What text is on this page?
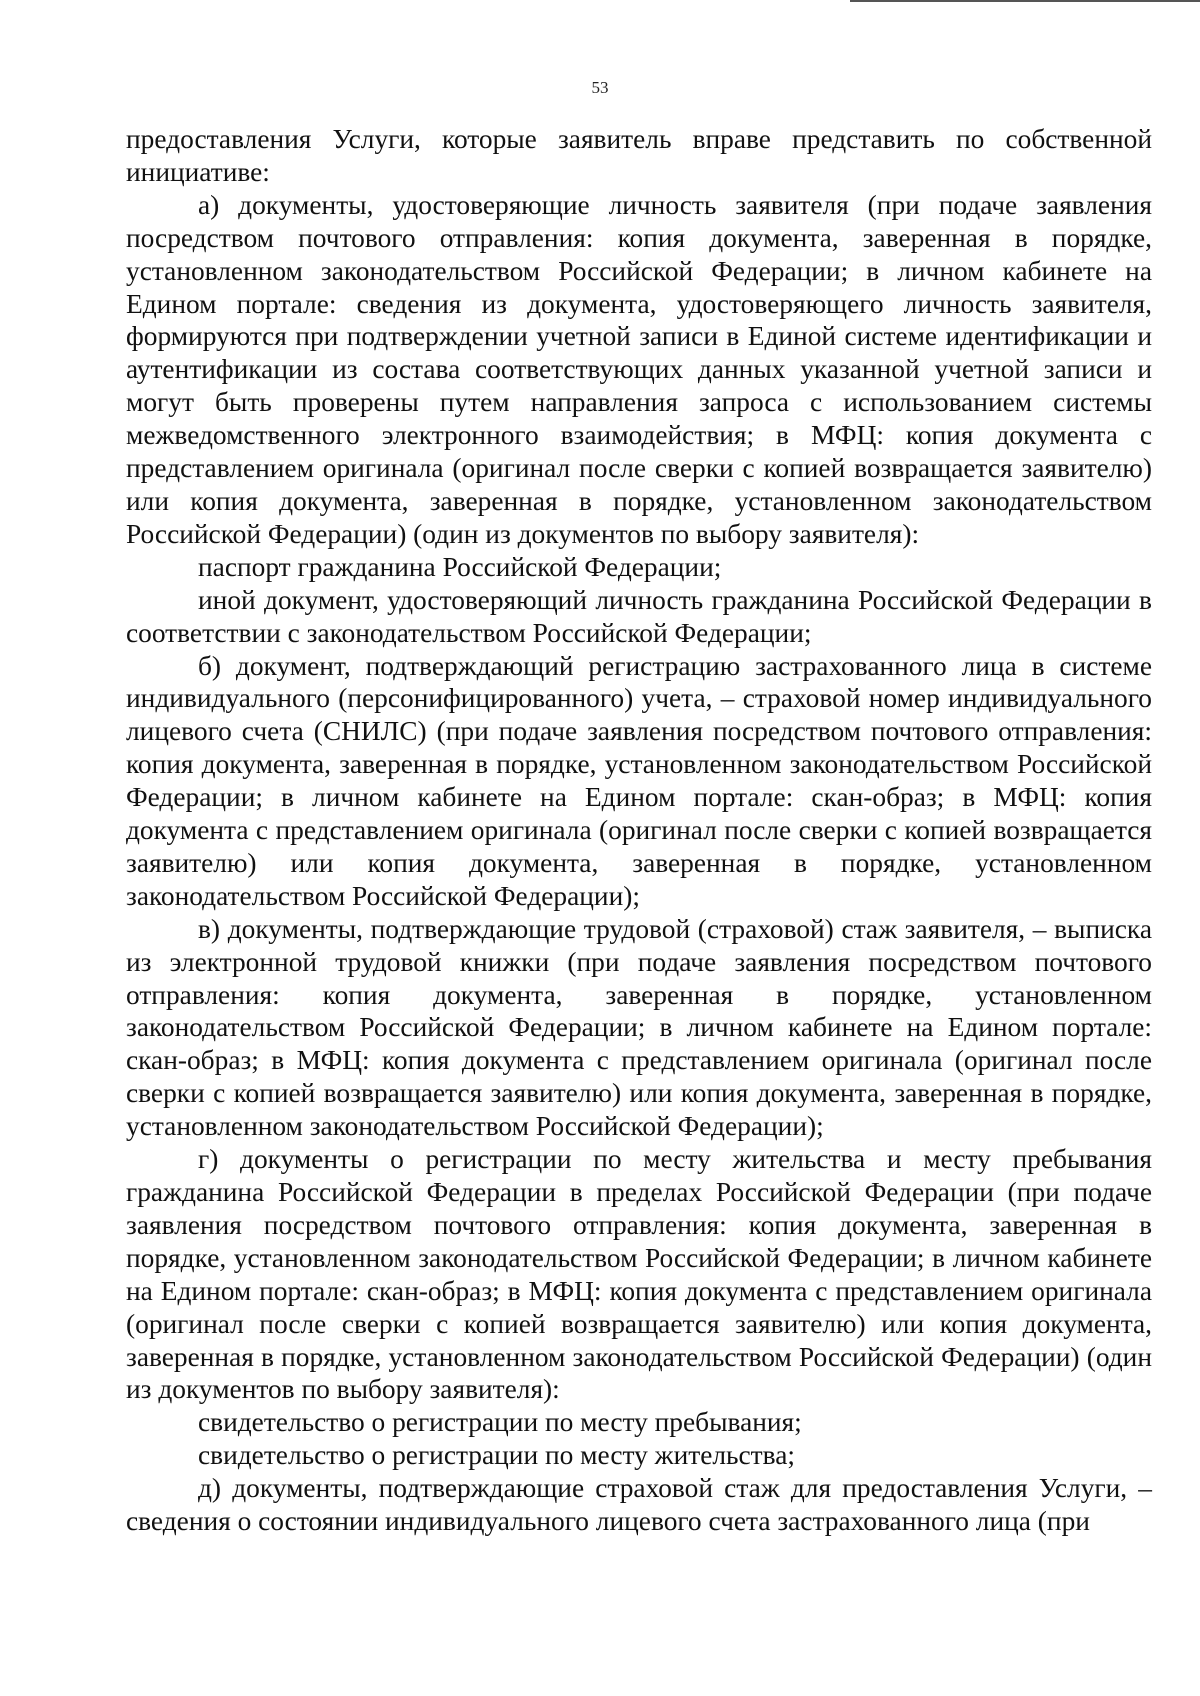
53

предоставления Услуги, которые заявитель вправе представить по собственной инициативе:

а) документы, удостоверяющие личность заявителя (при подаче заявления посредством почтового отправления: копия документа, заверенная в порядке, установленном законодательством Российской Федерации; в личном кабинете на Едином портале: сведения из документа, удостоверяющего личность заявителя, формируются при подтверждении учетной записи в Единой системе идентификации и аутентификации из состава соответствующих данных указанной учетной записи и могут быть проверены путем направления запроса с использованием системы межведомственного электронного взаимодействия; в МФЦ: копия документа с представлением оригинала (оригинал после сверки с копией возвращается заявителю) или копия документа, заверенная в порядке, установленном законодательством Российской Федерации) (один из документов по выбору заявителя):

паспорт гражданина Российской Федерации;

иной документ, удостоверяющий личность гражданина Российской Федерации в соответствии с законодательством Российской Федерации;

б) документ, подтверждающий регистрацию застрахованного лица в системе индивидуального (персонифицированного) учета, – страховой номер индивидуального лицевого счета (СНИЛС) (при подаче заявления посредством почтового отправления: копия документа, заверенная в порядке, установленном законодательством Российской Федерации; в личном кабинете на Едином портале: скан-образ; в МФЦ: копия документа с представлением оригинала (оригинал после сверки с копией возвращается заявителю) или копия документа, заверенная в порядке, установленном законодательством Российской Федерации);

в) документы, подтверждающие трудовой (страховой) стаж заявителя, – выписка из электронной трудовой книжки (при подаче заявления посредством почтового отправления: копия документа, заверенная в порядке, установленном законодательством Российской Федерации; в личном кабинете на Едином портале: скан-образ; в МФЦ: копия документа с представлением оригинала (оригинал после сверки с копией возвращается заявителю) или копия документа, заверенная в порядке, установленном законодательством Российской Федерации);

г) документы о регистрации по месту жительства и месту пребывания гражданина Российской Федерации в пределах Российской Федерации (при подаче заявления посредством почтового отправления: копия документа, заверенная в порядке, установленном законодательством Российской Федерации; в личном кабинете на Едином портале: скан-образ; в МФЦ: копия документа с представлением оригинала (оригинал после сверки с копией возвращается заявителю) или копия документа, заверенная в порядке, установленном законодательством Российской Федерации) (один из документов по выбору заявителя):

свидетельство о регистрации по месту пребывания;

свидетельство о регистрации по месту жительства;

д) документы, подтверждающие страховой стаж для предоставления Услуги, – сведения о состоянии индивидуального лицевого счета застрахованного лица (при
